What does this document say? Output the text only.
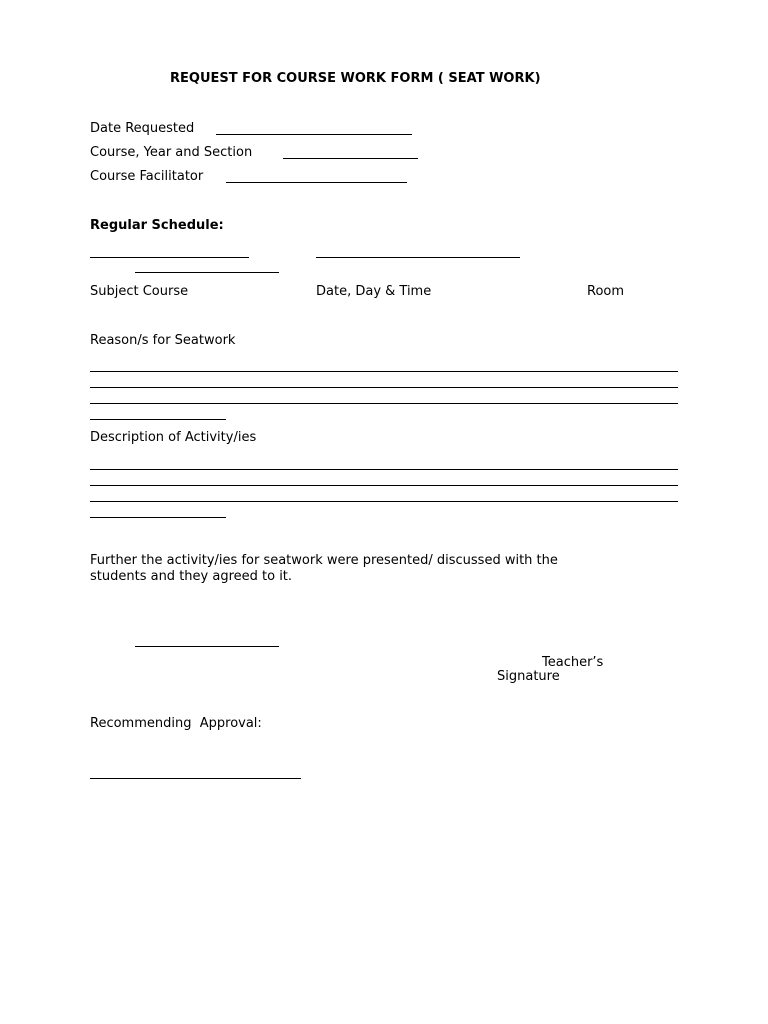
REQUEST FOR COURSE WORK FORM ( SEAT WORK)
Date Requested
Course, Year and Section
Course Facilitator
Regular Schedule:
Subject Course	Date, Day & Time	Room
Reason/s for Seatwork
Description of Activity/ies
Further the activity/ies for seatwork were presented/ discussed with the
students and they agreed to it.
Teacher’s
Signature
Recommending  Approval:
